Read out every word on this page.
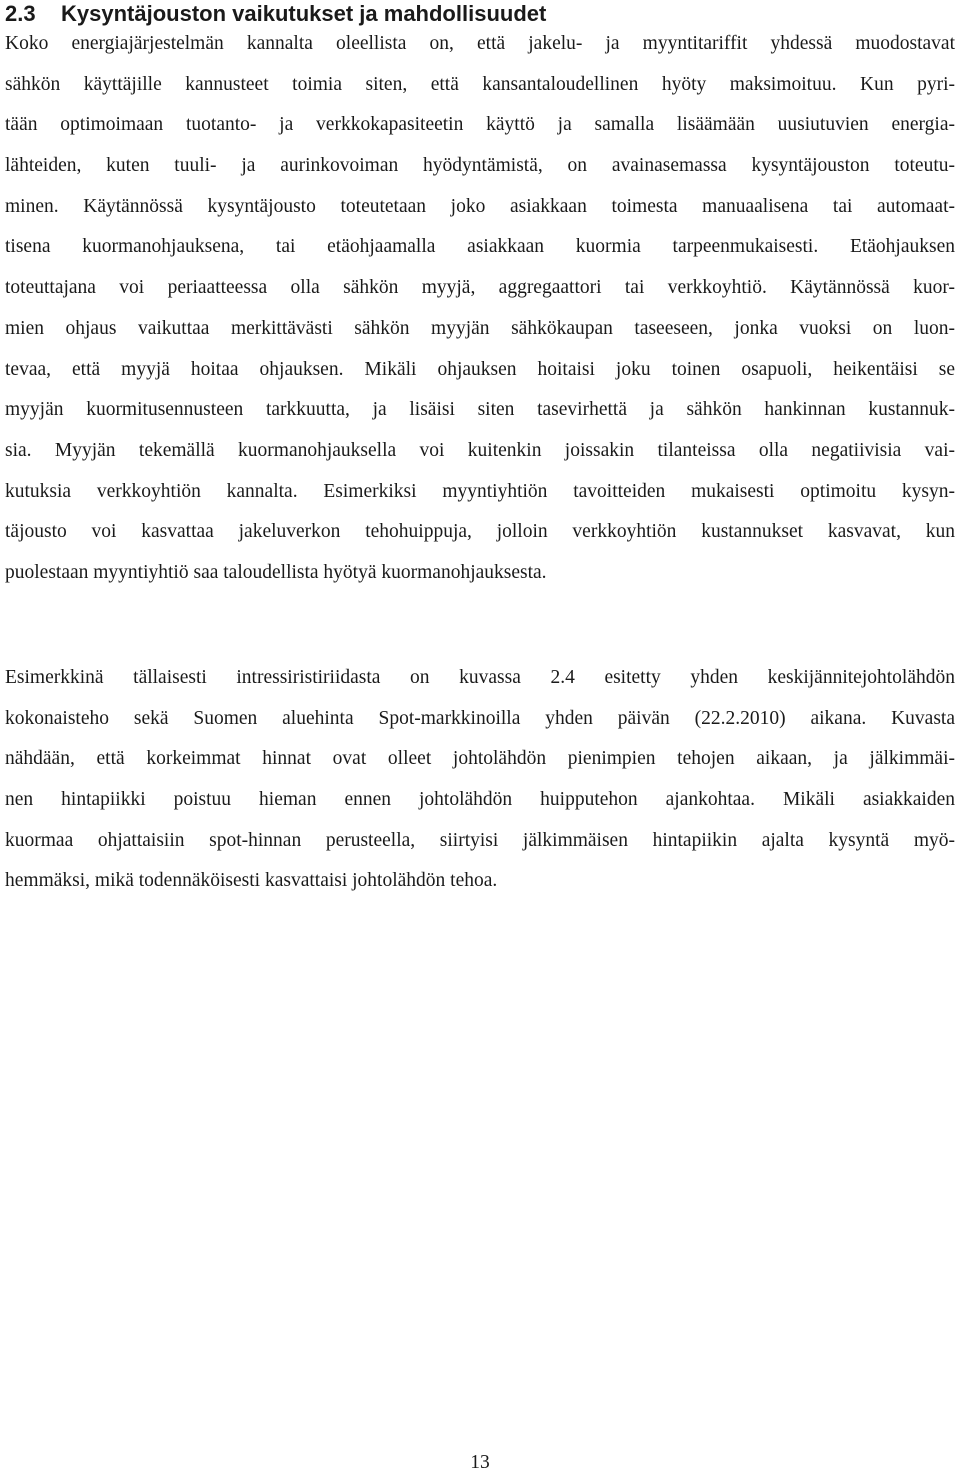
2.3 Kysyntäjouston vaikutukset ja mahdollisuudet
Koko energiajärjestelmän kannalta oleellista on, että jakelu- ja myyntitariffit yhdessä muodostavat
sähkön käyttäjille kannusteet toimia siten, että kansantaloudellinen hyöty maksimoituu. Kun pyri-
tään optimoimaan tuotanto- ja verkkokapasiteetin käyttö ja samalla lisäämään uusiutuvien energia-
lähteiden, kuten tuuli- ja aurinkovoiman hyödyntämistä, on avainasemassa kysyntäjouston toteutu-
minen. Käytännössä kysyntäjousto toteutetaan joko asiakkaan toimesta manuaalisena tai automaat-
tisena kuormanohjauksena, tai etäohjaamalla asiakkaan kuormia tarpeenmukaisesti. Etäohjauksen
toteuttajana voi periaatteessa olla sähkön myyjä, aggregaattori tai verkkoyhtiö. Käytännössä kuor-
mien ohjaus vaikuttaa merkittävästi sähkön myyjän sähkökaupan taseeseen, jonka vuoksi on luon-
tevaa, että myyjä hoitaa ohjauksen. Mikäli ohjauksen hoitaisi joku toinen osapuoli, heikentäisi se
myyjän kuormitusennusteen tarkkuutta, ja lisäisi siten tasevirhettä ja sähkön hankinnan kustannuk-
sia. Myyjän tekemällä kuormanohjauksella voi kuitenkin joissakin tilanteissa olla negatiivisia vai-
kutuksia verkkoyhtiön kannalta. Esimerkiksi myyntiyhtiön tavoitteiden mukaisesti optimoitu kysyn-
täjousto voi kasvattaa jakeluverkon tehohuippuja, jolloin verkkoyhtiön kustannukset kasvavat, kun
puolestaan myyntiyhtiö saa taloudellista hyötyä kuormanohjauksesta.
Esimerkkinä tällaisesti intressiristiriidasta on kuvassa 2.4 esitetty yhden keskijännitejohtolähdön
kokonaisteho sekä Suomen aluehinta Spot-markkinoilla yhden päivän (22.2.2010) aikana. Kuvasta
nähdään, että korkeimmat hinnat ovat olleet johtolähdön pienimpien tehojen aikaan, ja jälkimmäi-
nen hintapiikki poistuu hieman ennen johtolähdön huipputehon ajankohtaa. Mikäli asiakkaiden
kuormaa ohjattaisiin spot-hinnan perusteella, siirtyisi jälkimmäisen hintapiikin ajalta kysyntä myö-
hemmäksi, mikä todennäköisesti kasvattaisi johtolähdön tehoa.

13
